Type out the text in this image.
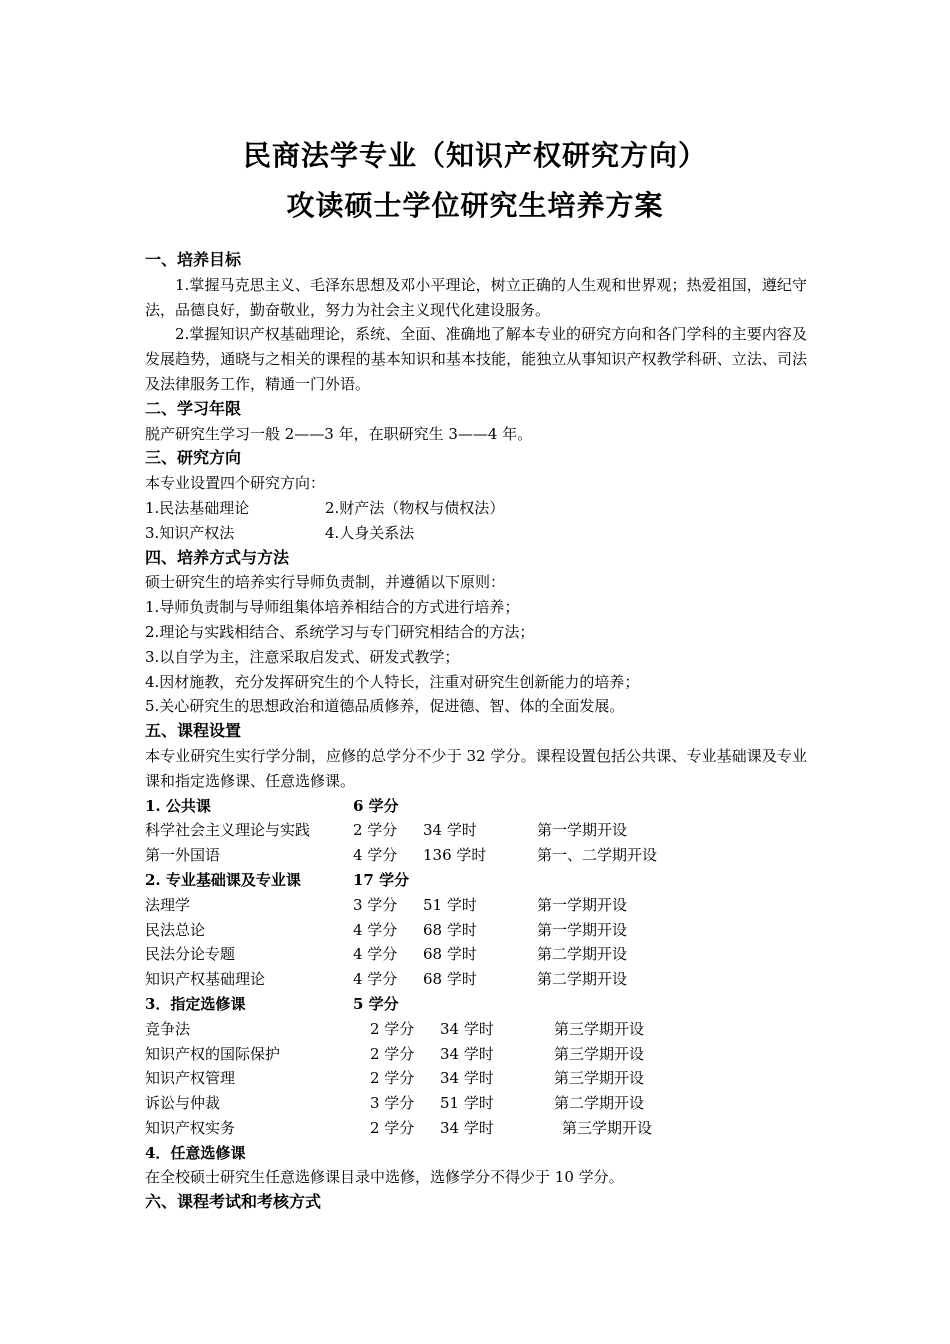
民商法学专业（知识产权研究方向）
攻读硕士学位研究生培养方案
一、培养目标
1.掌握马克思主义、毛泽东思想及邓小平理论，树立正确的人生观和世界观；热爱祖国，遵纪守法，品德良好，勤奋敬业，努力为社会主义现代化建设服务。
2.掌握知识产权基础理论，系统、全面、准确地了解本专业的研究方向和各门学科的主要内容及发展趋势，通晓与之相关的课程的基本知识和基本技能，能独立从事知识产权教学科研、立法、司法及法律服务工作，精通一门外语。
二、学习年限
脱产研究生学习一般 2——3 年，在职研究生 3——4 年。
三、研究方向
本专业设置四个研究方向：
1.民法基础理论	2.财产法（物权与债权法）
3.知识产权法	4.人身关系法
四、培养方式与方法
硕士研究生的培养实行导师负责制，并遵循以下原则：
1.导师负责制与导师组集体培养相结合的方式进行培养；
2.理论与实践相结合、系统学习与专门研究相结合的方法；
3.以自学为主，注意采取启发式、研发式教学；
4.因材施教，充分发挥研究生的个人特长，注重对研究生创新能力的培养；
5.关心研究生的思想政治和道德品质修养，促进德、智、体的全面发展。
五、课程设置
本专业研究生实行学分制，应修的总学分不少于 32 学分。课程设置包括公共课、专业基础课及专业课和指定选修课、任意选修课。
1. 公共课	6 学分
科学社会主义理论与实践	2 学分	34 学时	第一学期开设
第一外国语	4 学分	136 学时	第一、二学期开设
2. 专业基础课及专业课	17 学分
法理学	3 学分	51 学时	第一学期开设
民法总论	4 学分	68 学时	第一学期开设
民法分论专题	4 学分	68 学时	第二学期开设
知识产权基础理论	4 学分	68 学时	第二学期开设
3．指定选修课	5 学分
竞争法	2 学分	34 学时	第三学期开设
知识产权的国际保护	2 学分	34 学时	第三学期开设
知识产权管理	2 学分	34 学时	第三学期开设
诉讼与仲裁	3 学分	51 学时	第二学期开设
知识产权实务	2 学分	34 学时	第三学期开设
4．任意选修课
在全校硕士研究生任意选修课目录中选修，选修学分不得少于 10 学分。
六、课程考试和考核方式
